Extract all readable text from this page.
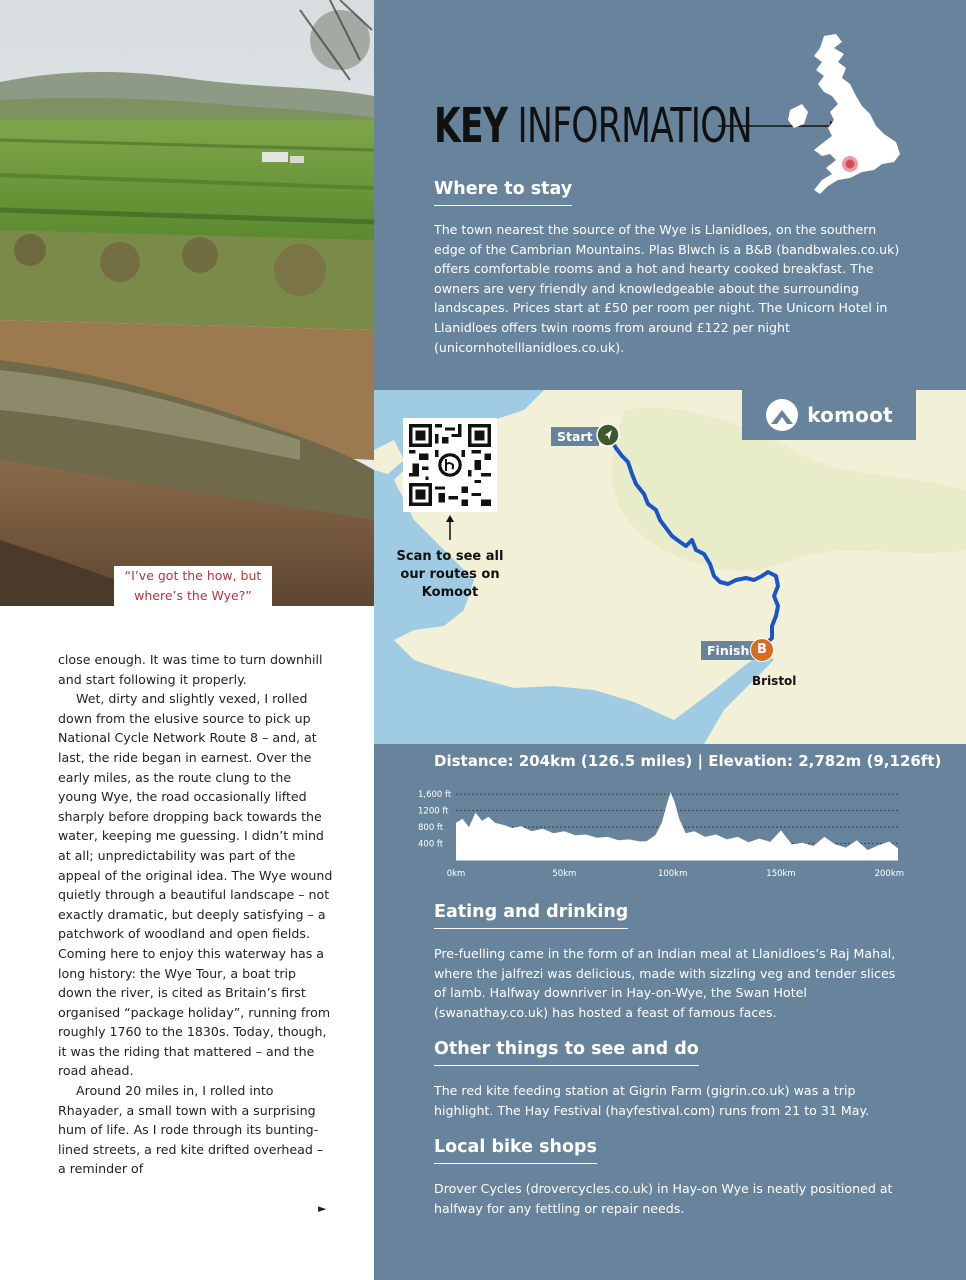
“I’ve got the how, but where’s the Wye?”

close enough. It was time to turn downhill and start following it properly.

Wet, dirty and slightly vexed, I rolled down from the elusive source to pick up National Cycle Network Route 8 – and, at last, the ride began in earnest. Over the early miles, as the route clung to the young Wye, the road occasionally lifted sharply before dropping back towards the water, keeping me guessing. I didn’t mind at all; unpredictability was part of the appeal of the original idea. The Wye wound quietly through a beautiful landscape – not exactly dramatic, but deeply satisfying – a patchwork of woodland and open fields. Coming here to enjoy this waterway has a long history: the Wye Tour, a boat trip down the river, is cited as Britain’s first organised “package holiday”, running from roughly 1760 to the 1830s. Today, though, it was the riding that mattered – and the road ahead.

Around 20 miles in, I rolled into Rhayader, a small town with a surprising hum of life. As I rode through its bunting-lined streets, a red kite drifted overhead – a reminder of

►
KEY INFORMATION
Where to stay
The town nearest the source of the Wye is Llanidloes, on the southern edge of the Cambrian Mountains. Plas Blwch is a B&B (bandbwales.co.uk) offers comfortable rooms and a hot and hearty cooked breakfast. The owners are very friendly and knowledgeable about the surrounding landscapes. Prices start at £50 per room per night. The Unicorn Hotel in Llanidloes offers twin rooms from around £122 per night (unicornhotelllanidloes.co.uk).
komoot
Scan to see all our routes on Komoot
Start
Finish B
Bristol
Distance: 204km (126.5 miles) | Elevation: 2,782m (9,126ft)
400 ft
800 ft
1200 ft
1,600 ft
0km	50km	100km	150km	200km
Eating and drinking
Pre-fuelling came in the form of an Indian meal at Llanidloes’s Raj Mahal, where the jalfrezi was delicious, made with sizzling veg and tender slices of lamb. Halfway downriver in Hay-on-Wye, the Swan Hotel (swanathay.co.uk) has hosted a feast of famous faces.
Other things to see and do
The red kite feeding station at Gigrin Farm (gigrin.co.uk) was a trip highlight. The Hay Festival (hayfestival.com) runs from 21 to 31 May.
Local bike shops
Drover Cycles (drovercycles.co.uk) in Hay-on Wye is neatly positioned at halfway for any fettling or repair needs.
